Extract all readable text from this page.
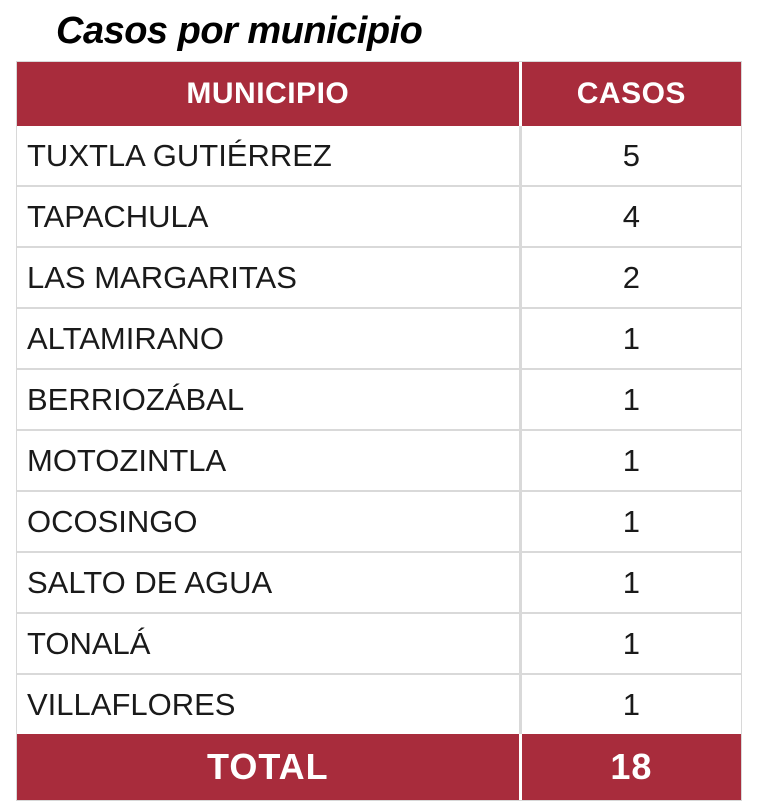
Casos por municipio
MUNICIPIO	CASOS
TUXTLA GUTIÉRREZ	5
TAPACHULA	4
LAS MARGARITAS	2
ALTAMIRANO	1
BERRIOZÁBAL	1
MOTOZINTLA	1
OCOSINGO	1
SALTO DE AGUA	1
TONALÁ	1
VILLAFLORES	1
TOTAL	18
